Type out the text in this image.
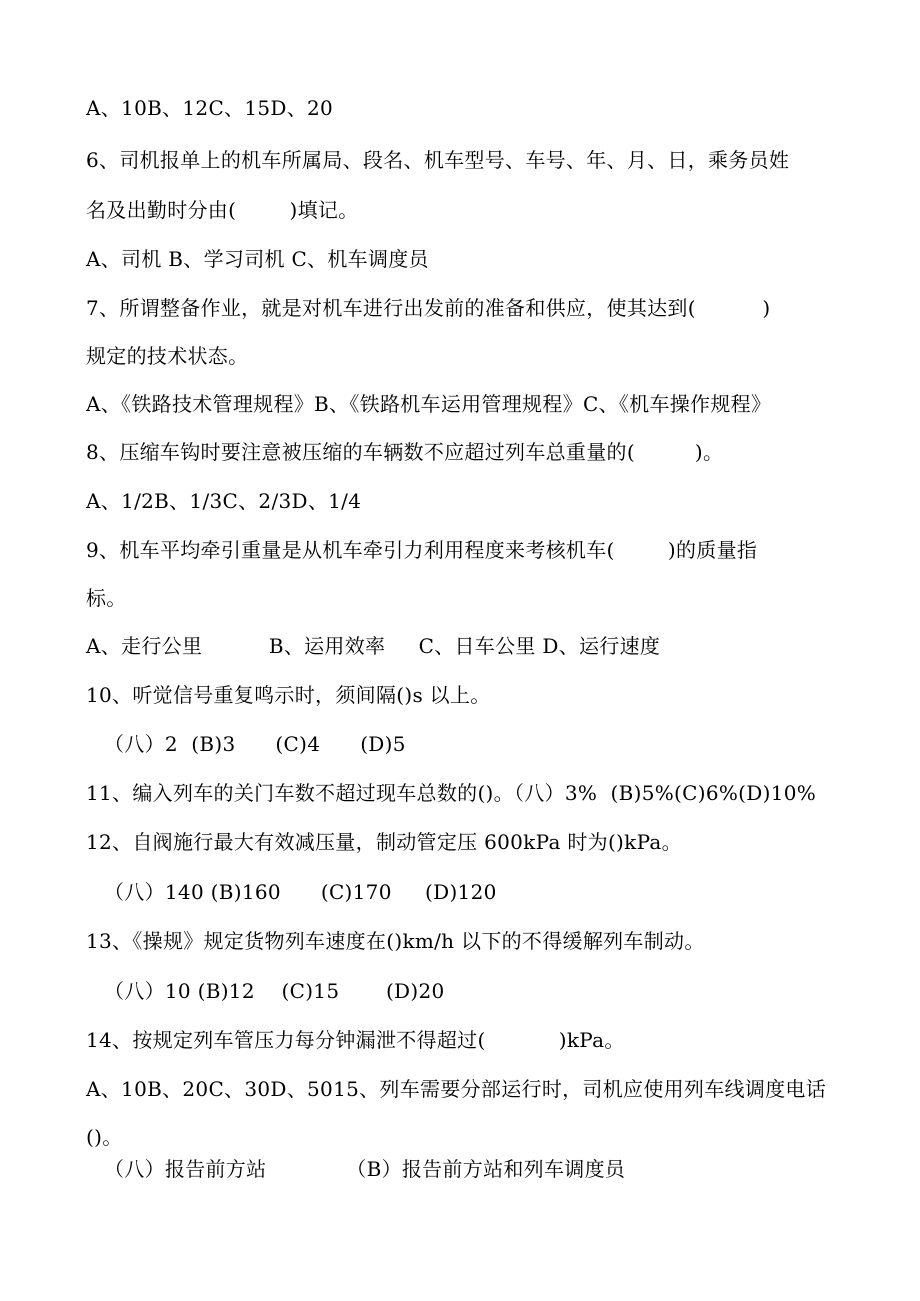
A、10B、12C、15D、20
6、司机报单上的机车所属局、段名、机车型号、车号、年、月、日，乘务员姓
名及出勤时分由(        )填记。
A、司机 B、学习司机 C、机车调度员
7、所谓整备作业，就是对机车进行出发前的准备和供应，使其达到(          )
规定的技术状态。
A、《铁路技术管理规程》B、《铁路机车运用管理规程》C、《机车操作规程》
8、压缩车钩时要注意被压缩的车辆数不应超过列车总重量的(         )。
A、1/2B、1/3C、2/3D、1/4
9、机车平均牵引重量是从机车牵引力利用程度来考核机车(        )的质量指
标。
A、走行公里          B、运用效率     C、日车公里 D、运行速度
10、听觉信号重复鸣示时，须间隔()s 以上。
（八）2  (B)3      (C)4      (D)5
11、编入列车的关门车数不超过现车总数的()。（八）3%  (B)5%(C)6%(D)10%
12、自阀施行最大有效减压量，制动管定压 600kPa 时为()kPa。
（八）140 (B)160      (C)170     (D)120
13、《操规》规定货物列车速度在()km/h 以下的不得缓解列车制动。
（八）10 (B)12    (C)15       (D)20
14、按规定列车管压力每分钟漏泄不得超过(           )kPa。
A、10B、20C、30D、5015、列车需要分部运行时，司机应使用列车线调度电话
()。
（八）报告前方站            （B）报告前方站和列车调度员
